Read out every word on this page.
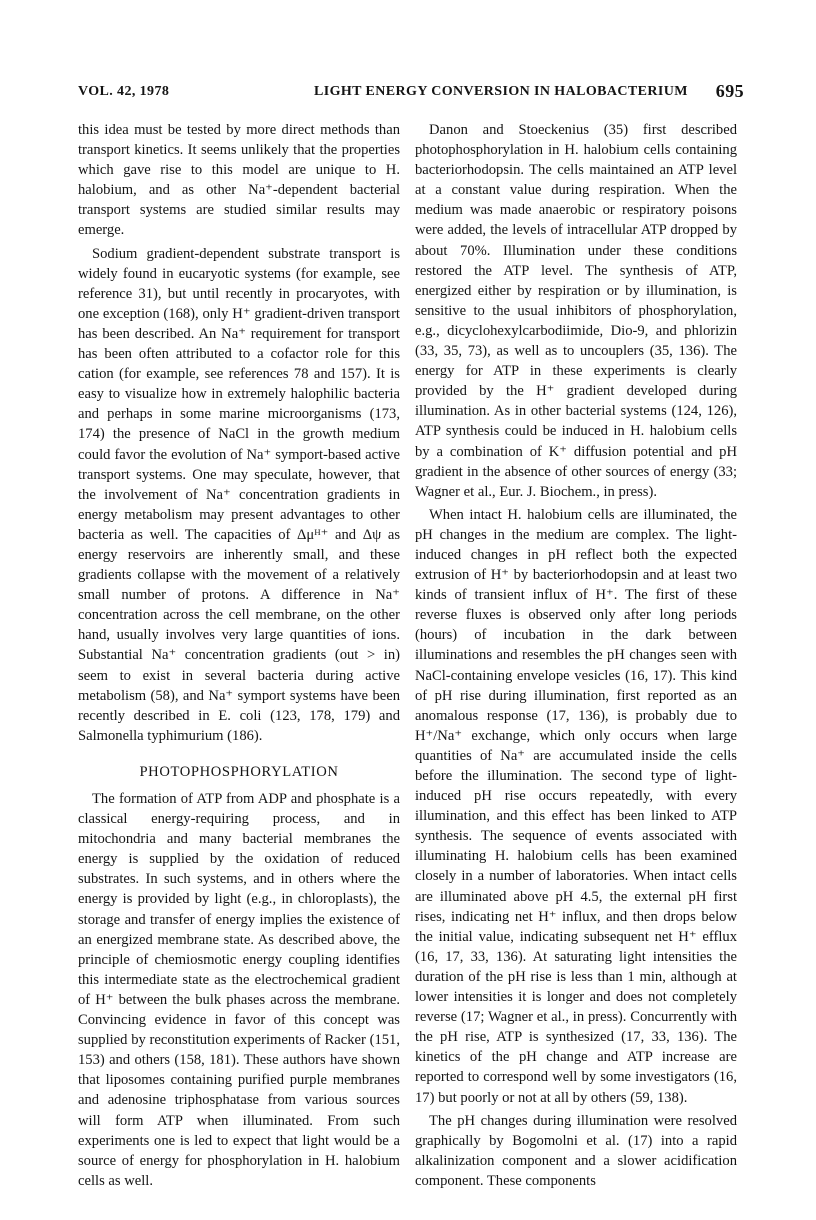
VOL. 42, 1978	LIGHT ENERGY CONVERSION IN HALOBACTERIUM 695

this idea must be tested by more direct methods than transport kinetics. It seems unlikely that the properties which gave rise to this model are unique to H. halobium, and as other Na⁺-dependent bacterial transport systems are studied similar results may emerge.

Sodium gradient-dependent substrate transport is widely found in eucaryotic systems (for example, see reference 31), but until recently in procaryotes, with one exception (168), only H⁺ gradient-driven transport has been described. An Na⁺ requirement for transport has been often attributed to a cofactor role for this cation (for example, see references 78 and 157). It is easy to visualize how in extremely halophilic bacteria and perhaps in some marine microorganisms (173, 174) the presence of NaCl in the growth medium could favor the evolution of Na⁺ symport-based active transport systems. One may speculate, however, that the involvement of Na⁺ concentration gradients in energy metabolism may present advantages to other bacteria as well. The capacities of Δμᴴ⁺ and Δψ as energy reservoirs are inherently small, and these gradients collapse with the movement of a relatively small number of protons. A difference in Na⁺ concentration across the cell membrane, on the other hand, usually involves very large quantities of ions. Substantial Na⁺ concentration gradients (out > in) seem to exist in several bacteria during active metabolism (58), and Na⁺ symport systems have been recently described in E. coli (123, 178, 179) and Salmonella typhimurium (186).

PHOTOPHOSPHORYLATION

The formation of ATP from ADP and phosphate is a classical energy-requiring process, and in mitochondria and many bacterial membranes the energy is supplied by the oxidation of reduced substrates. In such systems, and in others where the energy is provided by light (e.g., in chloroplasts), the storage and transfer of energy implies the existence of an energized membrane state. As described above, the principle of chemiosmotic energy coupling identifies this intermediate state as the electrochemical gradient of H⁺ between the bulk phases across the membrane. Convincing evidence in favor of this concept was supplied by reconstitution experiments of Racker (151, 153) and others (158, 181). These authors have shown that liposomes containing purified purple membranes and adenosine triphosphatase from various sources will form ATP when illuminated. From such experiments one is led to expect that light would be a source of energy for phosphorylation in H. halobium cells as well.

Danon and Stoeckenius (35) first described photophosphorylation in H. halobium cells containing bacteriorhodopsin. The cells maintained an ATP level at a constant value during respiration. When the medium was made anaerobic or respiratory poisons were added, the levels of intracellular ATP dropped by about 70%. Illumination under these conditions restored the ATP level. The synthesis of ATP, energized either by respiration or by illumination, is sensitive to the usual inhibitors of phosphorylation, e.g., dicyclohexylcarbodiimide, Dio-9, and phlorizin (33, 35, 73), as well as to uncouplers (35, 136). The energy for ATP in these experiments is clearly provided by the H⁺ gradient developed during illumination. As in other bacterial systems (124, 126), ATP synthesis could be induced in H. halobium cells by a combination of K⁺ diffusion potential and pH gradient in the absence of other sources of energy (33; Wagner et al., Eur. J. Biochem., in press).

When intact H. halobium cells are illuminated, the pH changes in the medium are complex. The light-induced changes in pH reflect both the expected extrusion of H⁺ by bacteriorhodopsin and at least two kinds of transient influx of H⁺. The first of these reverse fluxes is observed only after long periods (hours) of incubation in the dark between illuminations and resembles the pH changes seen with NaCl-containing envelope vesicles (16, 17). This kind of pH rise during illumination, first reported as an anomalous response (17, 136), is probably due to H⁺/Na⁺ exchange, which only occurs when large quantities of Na⁺ are accumulated inside the cells before the illumination. The second type of light-induced pH rise occurs repeatedly, with every illumination, and this effect has been linked to ATP synthesis. The sequence of events associated with illuminating H. halobium cells has been examined closely in a number of laboratories. When intact cells are illuminated above pH 4.5, the external pH first rises, indicating net H⁺ influx, and then drops below the initial value, indicating subsequent net H⁺ efflux (16, 17, 33, 136). At saturating light intensities the duration of the pH rise is less than 1 min, although at lower intensities it is longer and does not completely reverse (17; Wagner et al., in press). Concurrently with the pH rise, ATP is synthesized (17, 33, 136). The kinetics of the pH change and ATP increase are reported to correspond well by some investigators (16, 17) but poorly or not at all by others (59, 138).

The pH changes during illumination were resolved graphically by Bogomolni et al. (17) into a rapid alkalinization component and a slower acidification component. These components
